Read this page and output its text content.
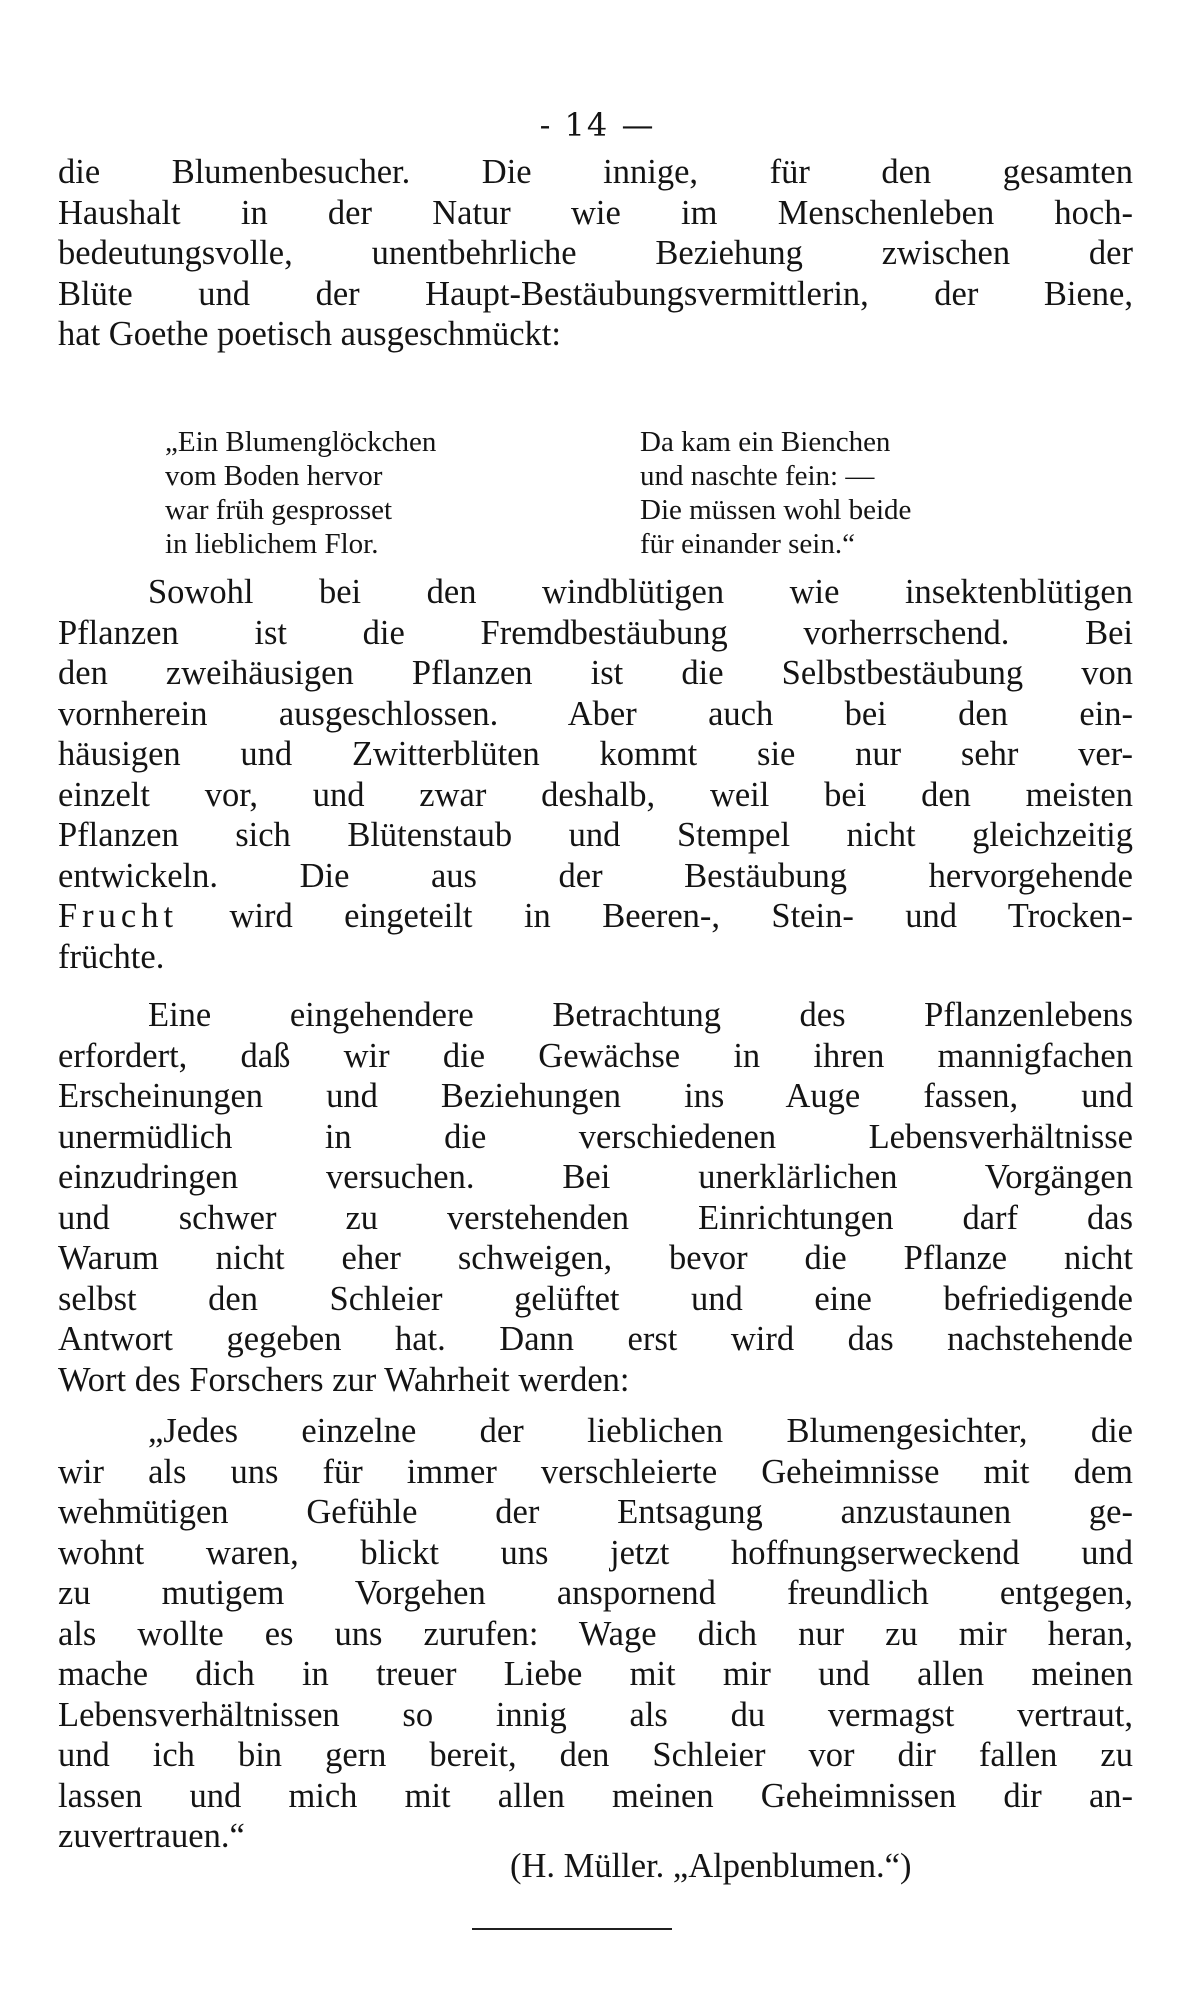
- 14 —
die Blumenbesucher. Die innige, für den gesamten
Haushalt in der Natur wie im Menschenleben hoch-
bedeutungsvolle, unentbehrliche Beziehung zwischen der
Blüte und der Haupt-Bestäubungsvermittlerin, der Biene,
hat Goethe poetisch ausgeschmückt:
„Ein Blumenglöckchen
vom Boden hervor
war früh gesprosset
in lieblichem Flor.
Da kam ein Bienchen
und naschte fein: —
Die müssen wohl beide
für einander sein.“
Sowohl bei den windblütigen wie insektenblütigen
Pflanzen ist die Fremdbestäubung vorherrschend. Bei
den zweihäusigen Pflanzen ist die Selbstbestäubung von
vornherein ausgeschlossen. Aber auch bei den ein-
häusigen und Zwitterblüten kommt sie nur sehr ver-
einzelt vor, und zwar deshalb, weil bei den meisten
Pflanzen sich Blütenstaub und Stempel nicht gleichzeitig
entwickeln. Die aus der Bestäubung hervorgehende
Frucht wird eingeteilt in Beeren-, Stein- und Trocken-
früchte.
Eine eingehendere Betrachtung des Pflanzenlebens
erfordert, daß wir die Gewächse in ihren mannigfachen
Erscheinungen und Beziehungen ins Auge fassen, und
unermüdlich in die verschiedenen Lebensverhältnisse
einzudringen versuchen. Bei unerklärlichen Vorgängen
und schwer zu verstehenden Einrichtungen darf das
Warum nicht eher schweigen, bevor die Pflanze nicht
selbst den Schleier gelüftet und eine befriedigende
Antwort gegeben hat. Dann erst wird das nachstehende
Wort des Forschers zur Wahrheit werden:
„Jedes einzelne der lieblichen Blumengesichter, die
wir als uns für immer verschleierte Geheimnisse mit dem
wehmütigen Gefühle der Entsagung anzustaunen ge-
wohnt waren, blickt uns jetzt hoffnungserweckend und
zu mutigem Vorgehen anspornend freundlich entgegen,
als wollte es uns zurufen: Wage dich nur zu mir heran,
mache dich in treuer Liebe mit mir und allen meinen
Lebensverhältnissen so innig als du vermagst vertraut,
und ich bin gern bereit, den Schleier vor dir fallen zu
lassen und mich mit allen meinen Geheimnissen dir an-
zuvertrauen.“
(H. Müller. „Alpenblumen.“)
